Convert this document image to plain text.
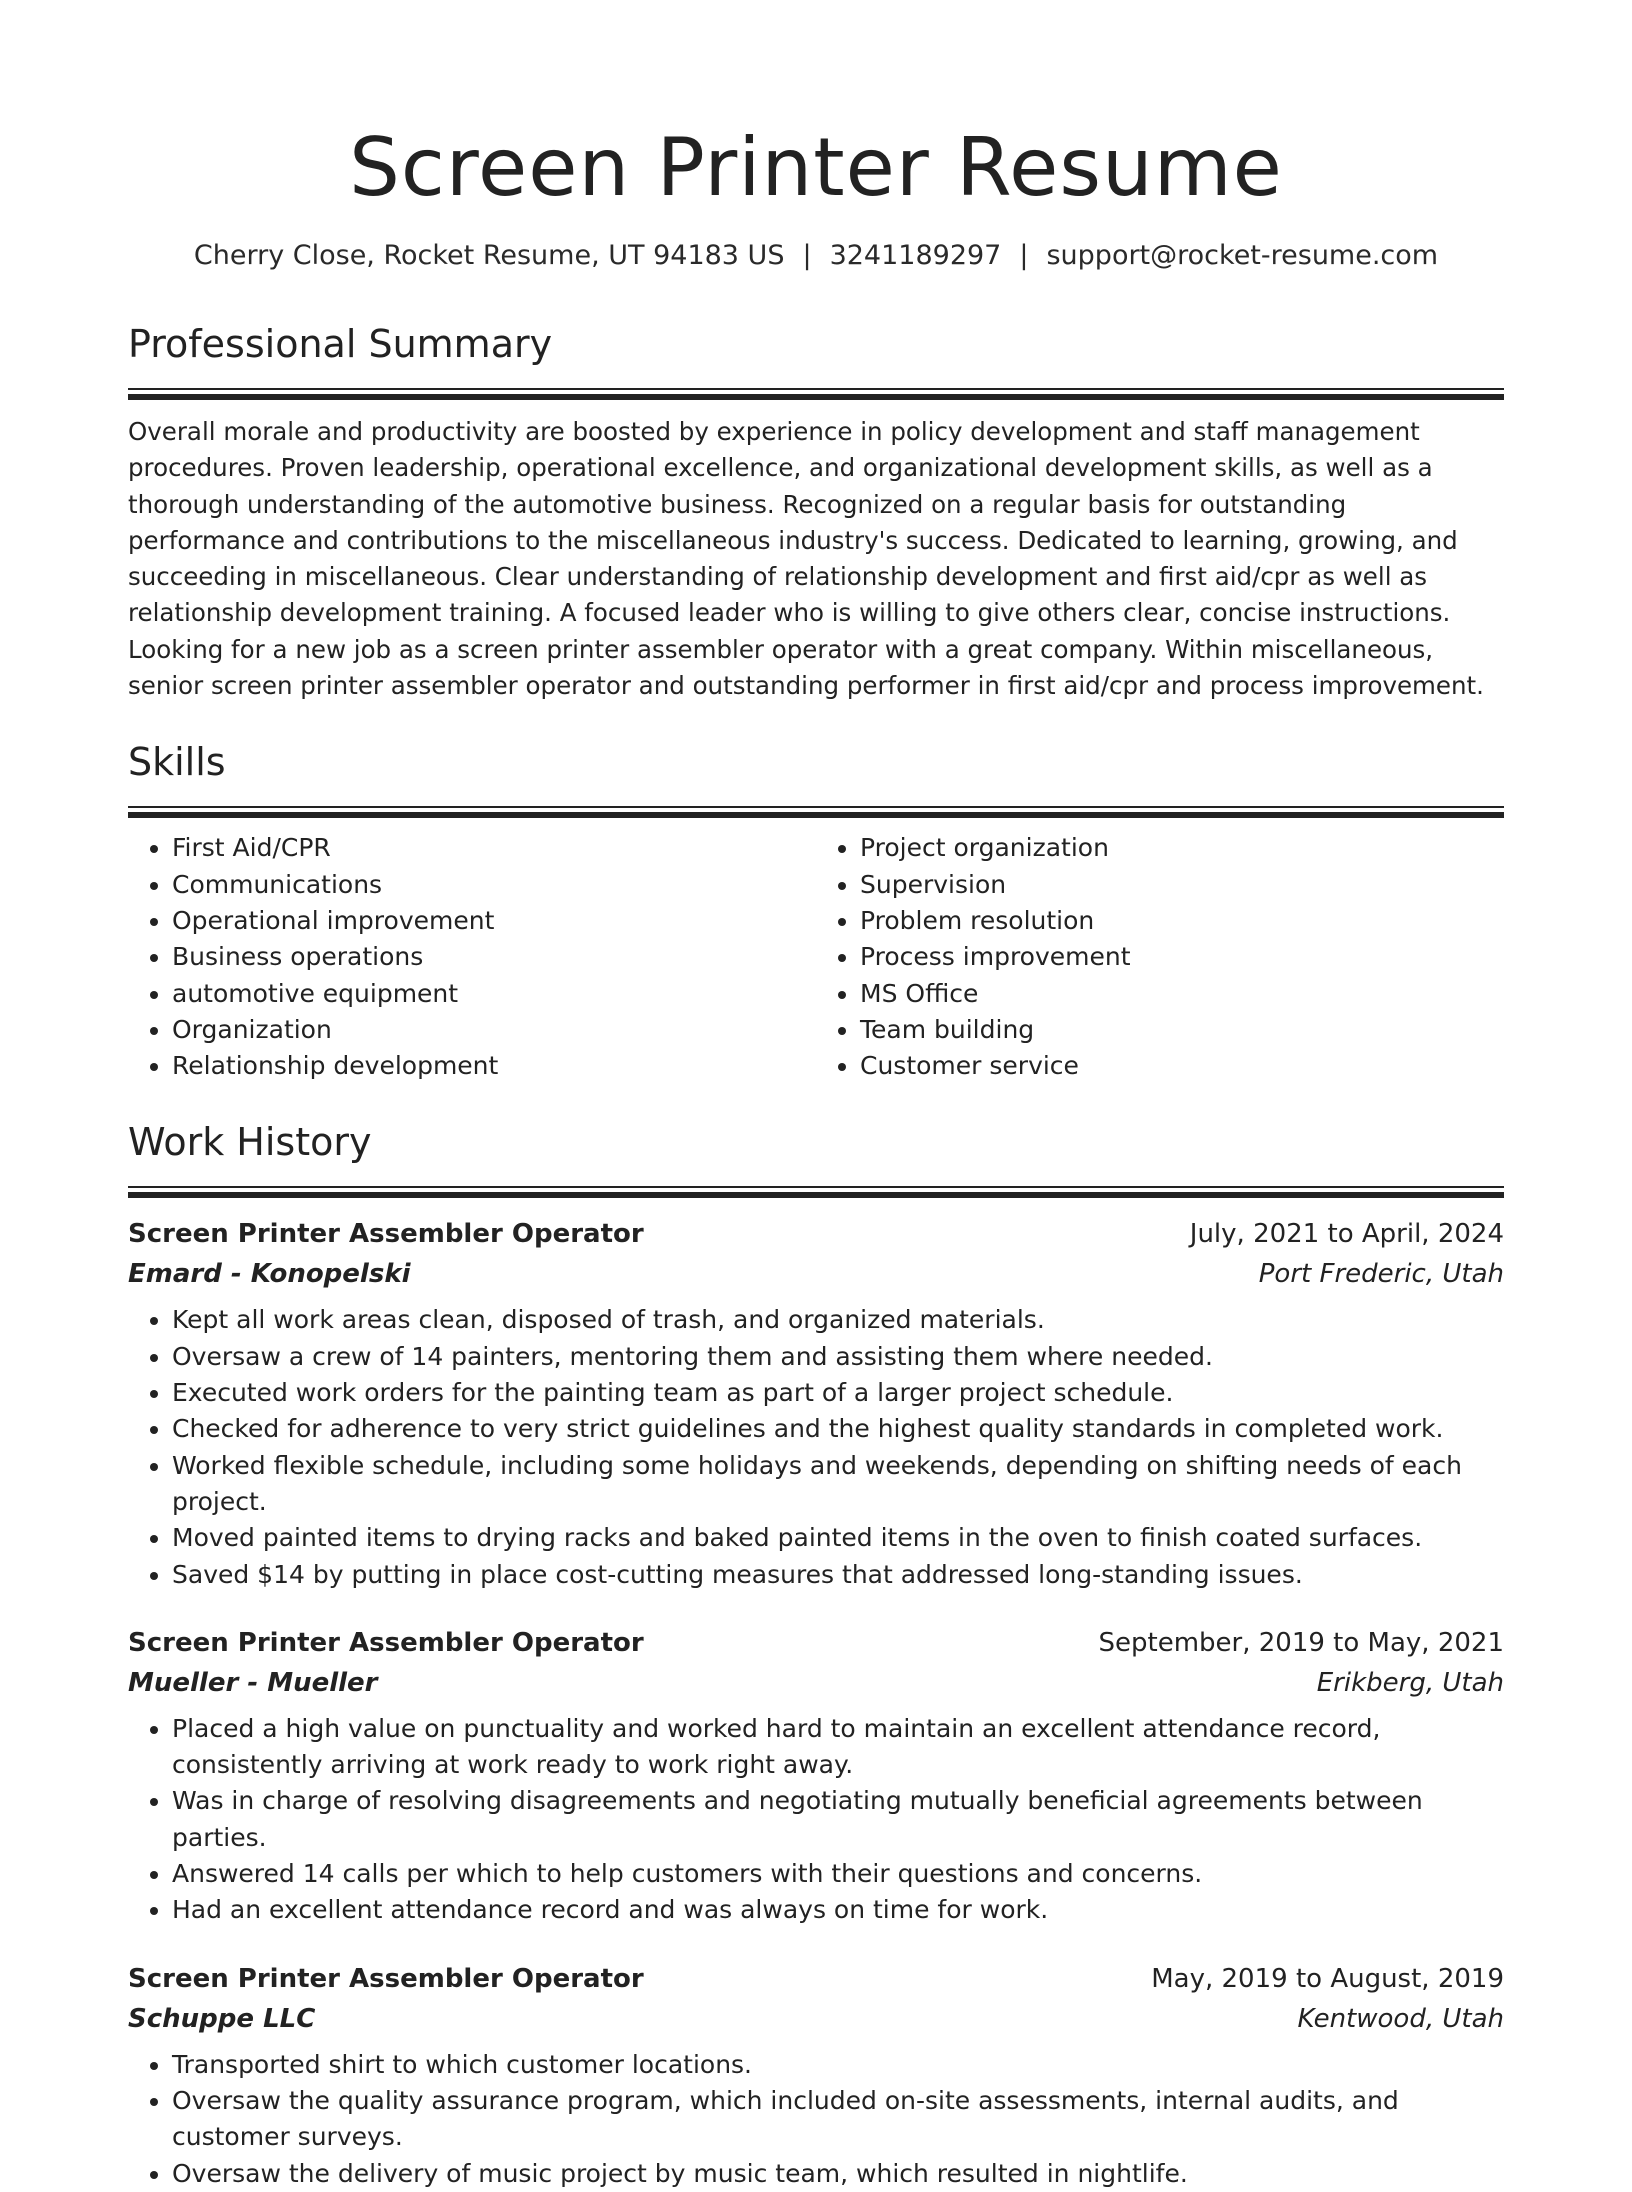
Screen Printer Resume
Cherry Close, Rocket Resume, UT 94183 US | 3241189297 | support@rocket-resume.com
Professional Summary

Overall morale and productivity are boosted by experience in policy development and staff management procedures. Proven leadership, operational excellence, and organizational development skills, as well as a thorough understanding of the automotive business. Recognized on a regular basis for outstanding performance and contributions to the miscellaneous industry's success. Dedicated to learning, growing, and succeeding in miscellaneous. Clear understanding of relationship development and first aid/cpr as well as relationship development training. A focused leader who is willing to give others clear, concise instructions. Looking for a new job as a screen printer assembler operator with a great company. Within miscellaneous, senior screen printer assembler operator and outstanding performer in first aid/cpr and process improvement.

Skills
• First Aid/CPR
• Communications
• Operational improvement
• Business operations
• automotive equipment
• Organization
• Relationship development
• Project organization
• Supervision
• Problem resolution
• Process improvement
• MS Office
• Team building
• Customer service
Work History
Screen Printer Assembler Operator	July, 2021 to April, 2024
Emard - Konopelski	Port Frederic, Utah
• Kept all work areas clean, disposed of trash, and organized materials.
• Oversaw a crew of 14 painters, mentoring them and assisting them where needed.
• Executed work orders for the painting team as part of a larger project schedule.
• Checked for adherence to very strict guidelines and the highest quality standards in completed work.
• Worked flexible schedule, including some holidays and weekends, depending on shifting needs of each project.
• Moved painted items to drying racks and baked painted items in the oven to finish coated surfaces.
• Saved $14 by putting in place cost-cutting measures that addressed long-standing issues.
Screen Printer Assembler Operator	September, 2019 to May, 2021
Mueller - Mueller	Erikberg, Utah
• Placed a high value on punctuality and worked hard to maintain an excellent attendance record, consistently arriving at work ready to work right away.
• Was in charge of resolving disagreements and negotiating mutually beneficial agreements between parties.
• Answered 14 calls per which to help customers with their questions and concerns.
• Had an excellent attendance record and was always on time for work.
Screen Printer Assembler Operator	May, 2019 to August, 2019
Schuppe LLC	Kentwood, Utah
• Transported shirt to which customer locations.
• Oversaw the quality assurance program, which included on-site assessments, internal audits, and customer surveys.
• Oversaw the delivery of music project by music team, which resulted in nightlife.
